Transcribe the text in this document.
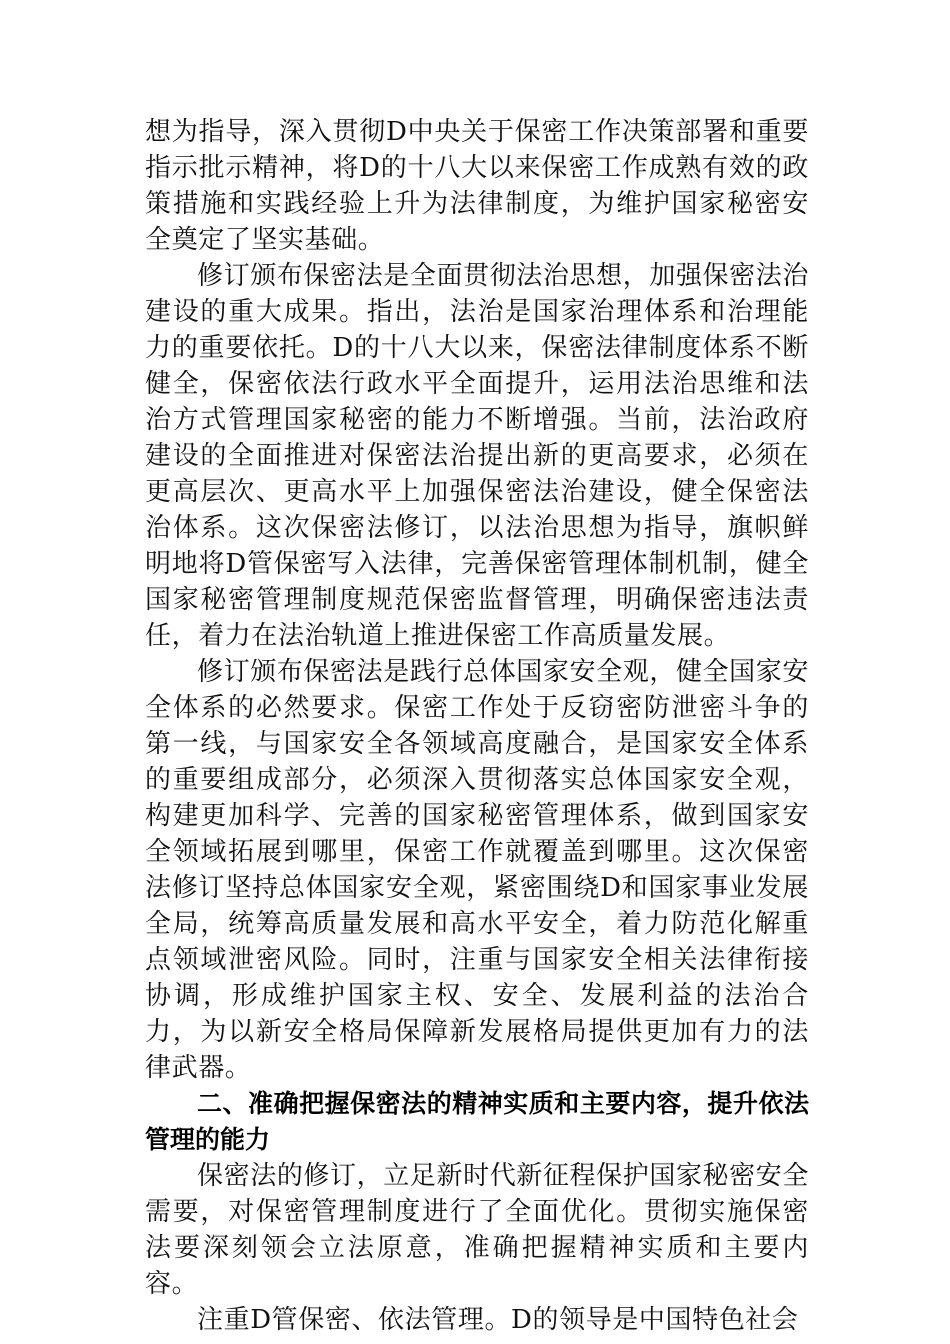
想为指导，深入贯彻D中央关于保密工作决策部署和重要指示批示精神，将D的十八大以来保密工作成熟有效的政策措施和实践经验上升为法律制度，为维护国家秘密安全奠定了坚实基础。

修订颁布保密法是全面贯彻法治思想，加强保密法治建设的重大成果。指出，法治是国家治理体系和治理能力的重要依托。D的十八大以来，保密法律制度体系不断健全，保密依法行政水平全面提升，运用法治思维和法治方式管理国家秘密的能力不断增强。当前，法治政府建设的全面推进对保密法治提出新的更高要求，必须在更高层次、更高水平上加强保密法治建设，健全保密法治体系。这次保密法修订，以法治思想为指导，旗帜鲜明地将D管保密写入法律，完善保密管理体制机制，健全国家秘密管理制度规范保密监督管理，明确保密违法责任，着力在法治轨道上推进保密工作高质量发展。

修订颁布保密法是践行总体国家安全观，健全国家安全体系的必然要求。保密工作处于反窃密防泄密斗争的第一线，与国家安全各领域高度融合，是国家安全体系的重要组成部分，必须深入贯彻落实总体国家安全观，构建更加科学、完善的国家秘密管理体系，做到国家安全领域拓展到哪里，保密工作就覆盖到哪里。这次保密法修订坚持总体国家安全观，紧密围绕D和国家事业发展全局，统筹高质量发展和高水平安全，着力防范化解重点领域泄密风险。同时，注重与国家安全相关法律衔接协调，形成维护国家主权、安全、发展利益的法治合力，为以新安全格局保障新发展格局提供更加有力的法律武器。

二、准确把握保密法的精神实质和主要内容，提升依法管理的能力

保密法的修订，立足新时代新征程保护国家秘密安全需要，对保密管理制度进行了全面优化。贯彻实施保密法要深刻领会立法原意，准确把握精神实质和主要内容。

注重D管保密、依法管理。D的领导是中国特色社会
